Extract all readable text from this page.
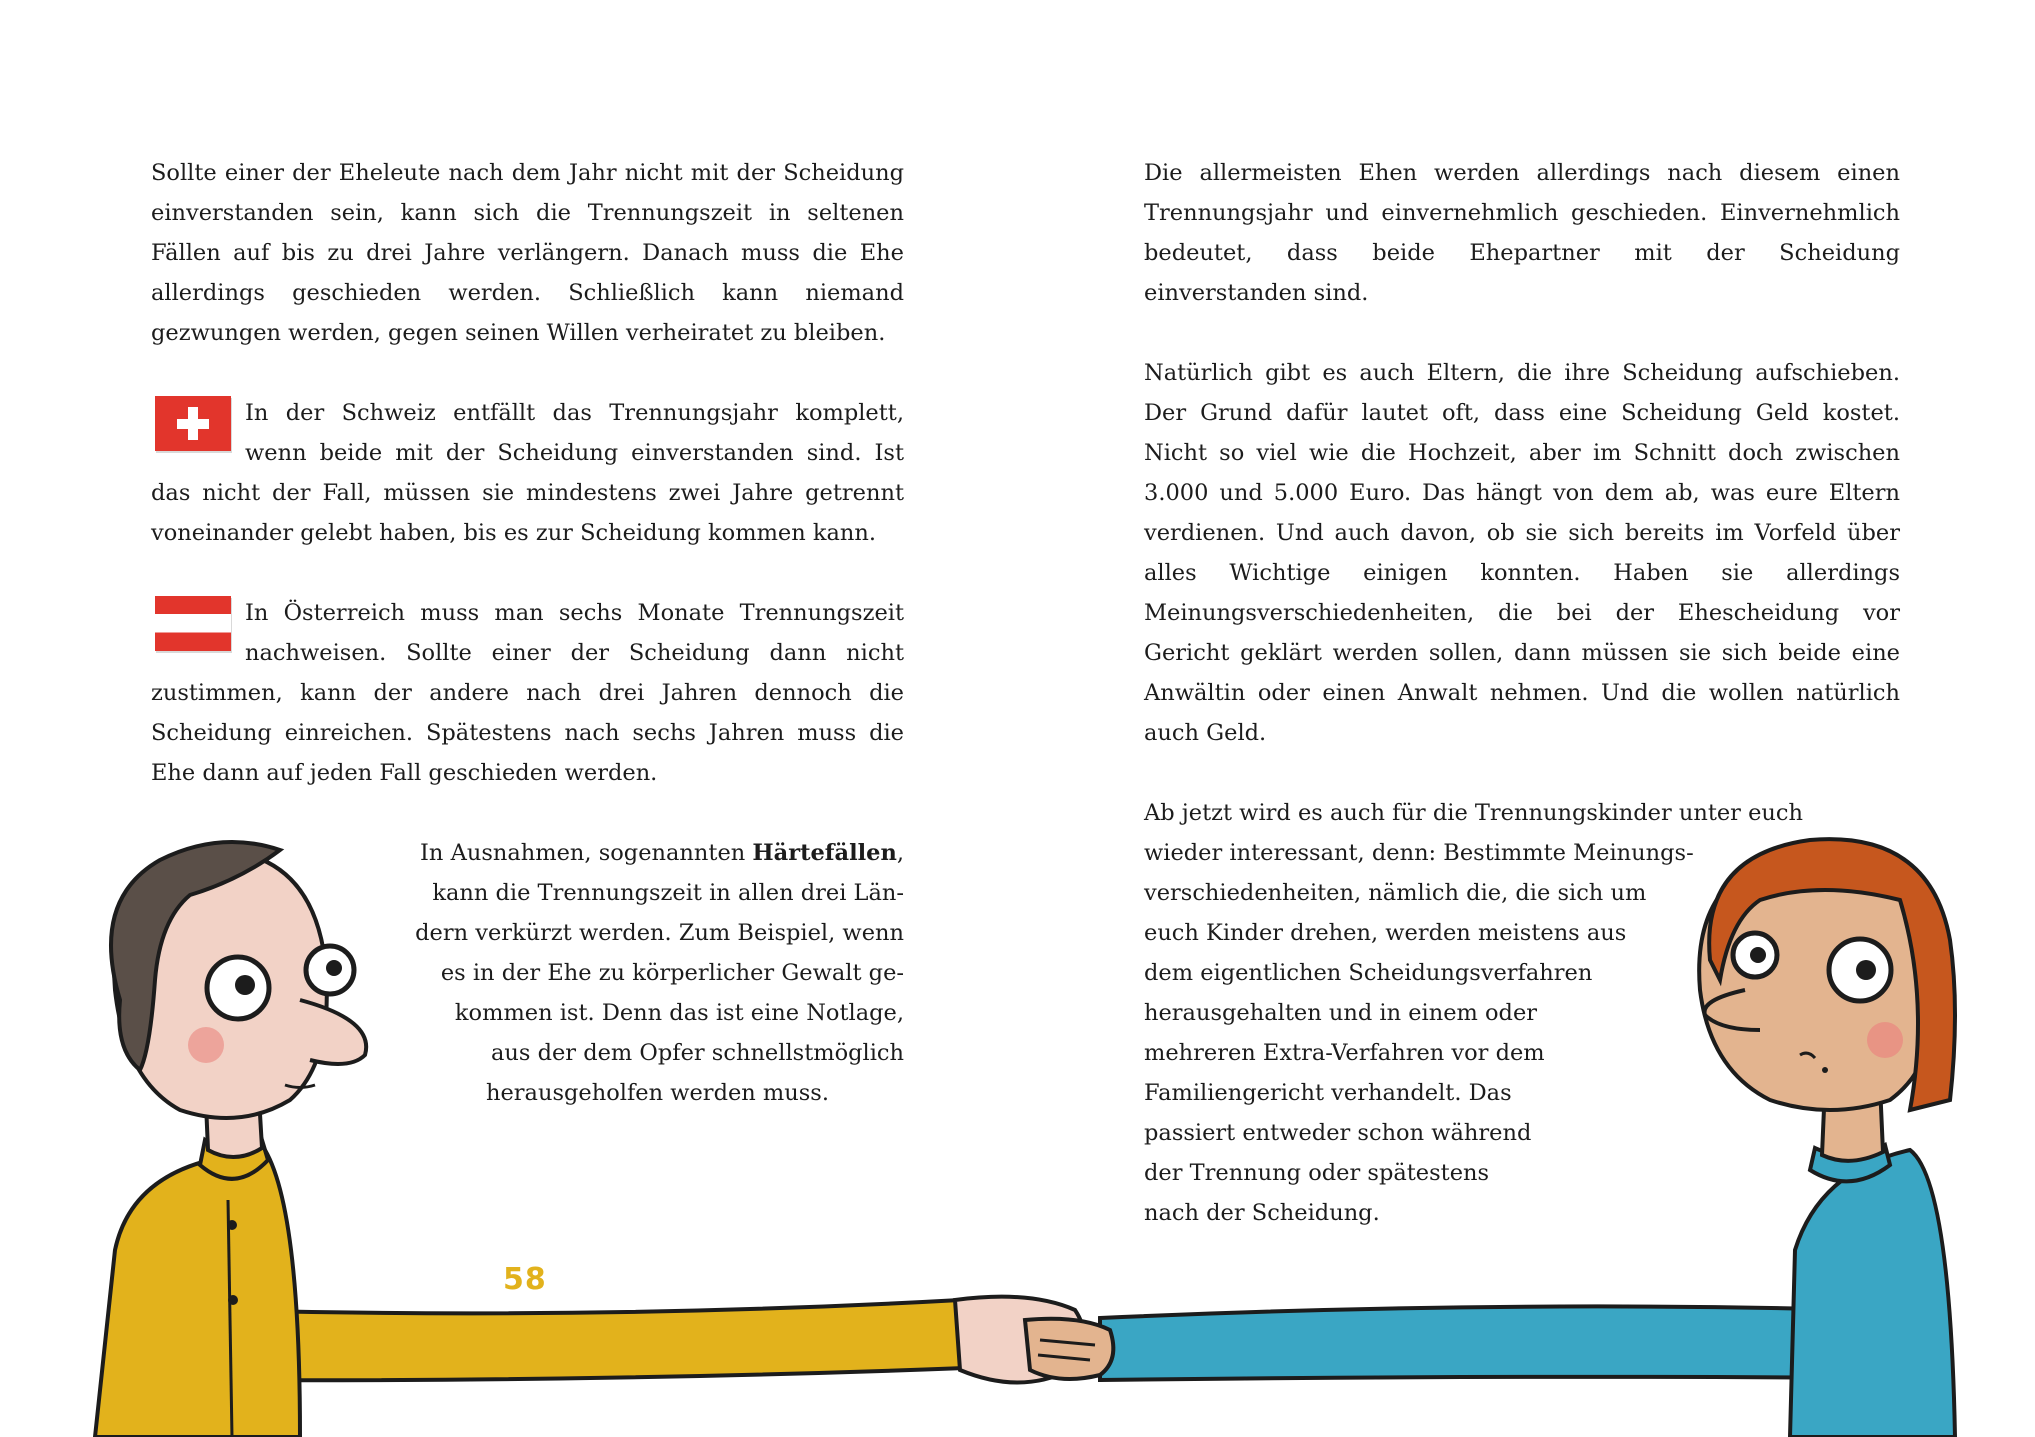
Sollte einer der Eheleute nach dem Jahr nicht mit der Scheidung einverstanden sein, kann sich die Trennungszeit in seltenen Fällen auf bis zu drei Jahre verlängern. Danach muss die Ehe allerdings geschieden werden. Schließlich kann niemand gezwungen werden, gegen seinen Willen verheiratet zu bleiben.

In der Schweiz entfällt das Trennungsjahr komplett, wenn beide mit der Scheidung einverstanden sind. Ist das nicht der Fall, müssen sie mindestens zwei Jahre getrennt voneinander gelebt haben, bis es zur Scheidung kommen kann.

In Österreich muss man sechs Monate Trennungszeit nachweisen. Sollte einer der Scheidung dann nicht zustimmen, kann der andere nach drei Jahren dennoch die Scheidung einreichen. Spätestens nach sechs Jahren muss die Ehe dann auf jeden Fall geschieden werden.

In Ausnahmen, sogenannten Härtefällen,
kann die Trennungszeit in allen drei Län-
dern verkürzt werden. Zum Beispiel, wenn
es in der Ehe zu körperlicher Gewalt ge-
kommen ist. Denn das ist eine Notlage,
aus der dem Opfer schnellstmöglich
herausgeholfen werden muss.

Die allermeisten Ehen werden allerdings nach diesem einen Trennungsjahr und einvernehmlich geschieden. Einvernehmlich bedeutet, dass beide Ehepartner mit der Scheidung einverstanden sind.

Natürlich gibt es auch Eltern, die ihre Scheidung aufschieben. Der Grund dafür lautet oft, dass eine Scheidung Geld kostet. Nicht so viel wie die Hochzeit, aber im Schnitt doch zwischen 3.000 und 5.000 Euro. Das hängt von dem ab, was eure Eltern verdienen. Und auch davon, ob sie sich bereits im Vorfeld über alles Wichtige einigen konnten. Haben sie allerdings Meinungsverschiedenheiten, die bei der Ehescheidung vor Gericht geklärt werden sollen, dann müssen sie sich beide eine Anwältin oder einen Anwalt nehmen. Und die wollen natürlich auch Geld.

Ab jetzt wird es auch für die Trennungskinder unter euch
wieder interessant, denn: Bestimmte Meinungs-
verschiedenheiten, nämlich die, die sich um
euch Kinder drehen, werden meistens aus
dem eigentlichen Scheidungsverfahren
herausgehalten und in einem oder
mehreren Extra-Verfahren vor dem
Familiengericht verhandelt. Das
passiert entweder schon während
der Trennung oder spätestens
nach der Scheidung.

58
